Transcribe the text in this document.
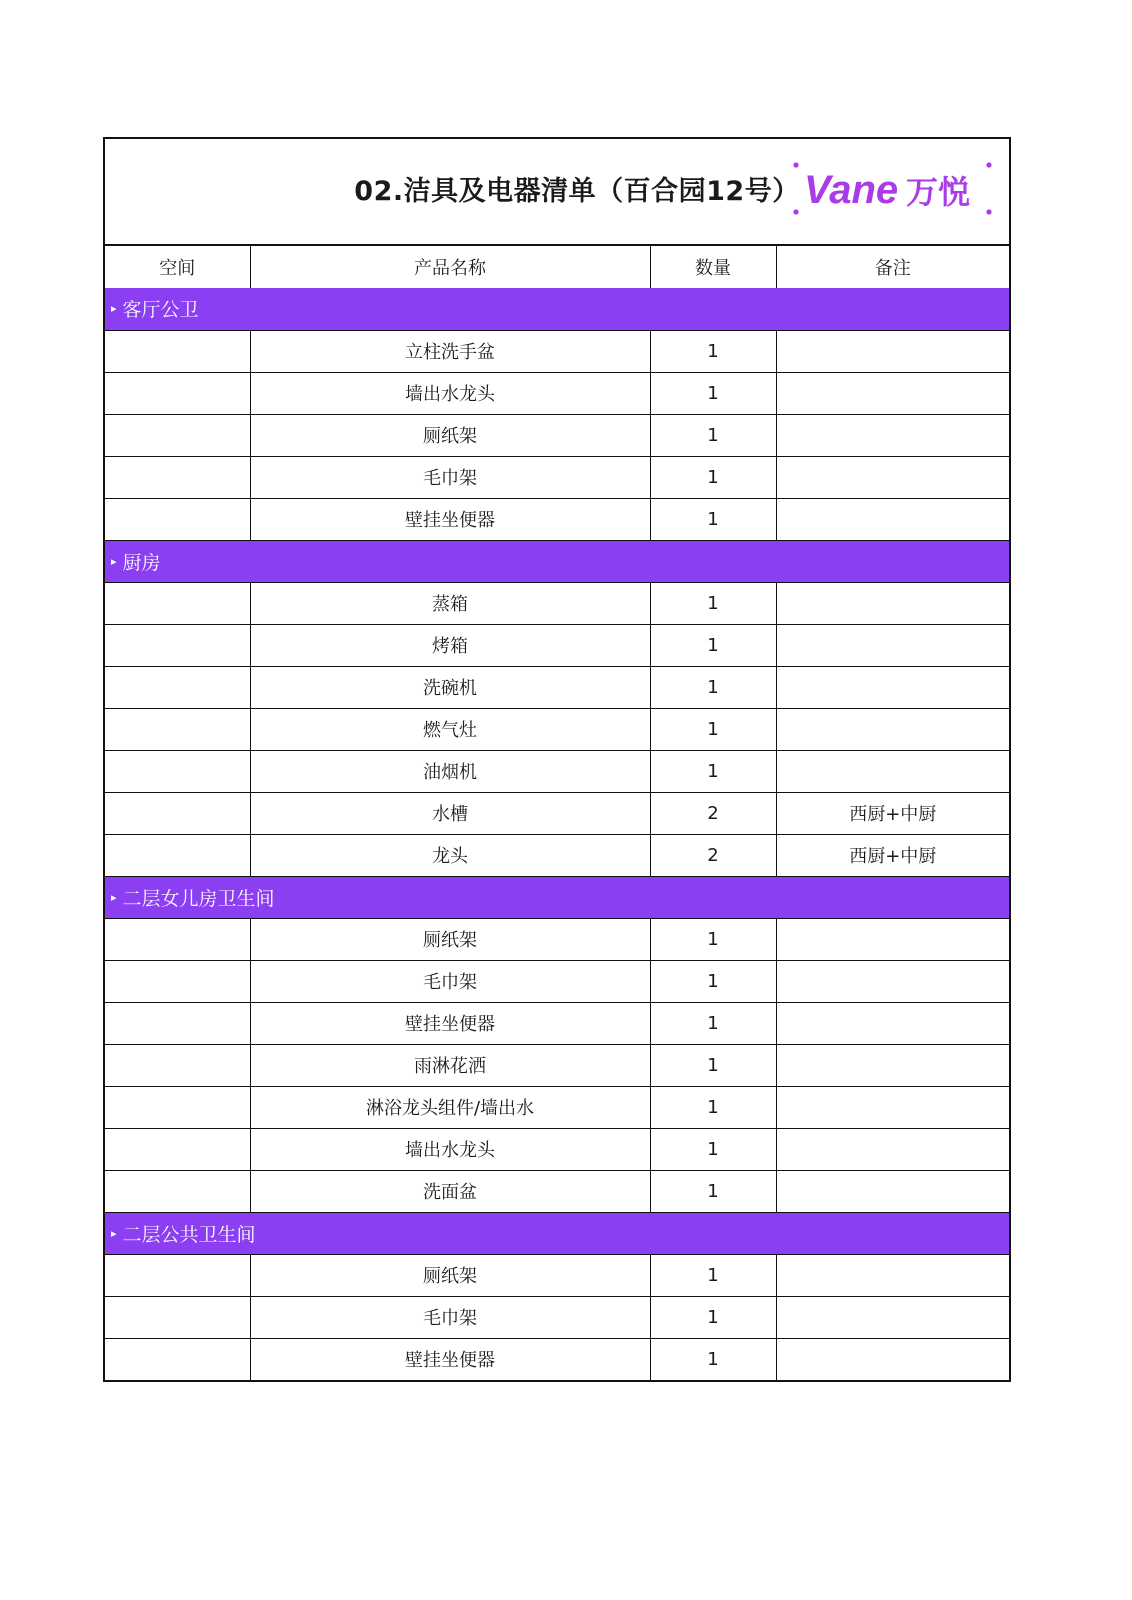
02.洁具及电器清单（百合园12号） Vane 万悦
空间	产品名称	数量	备注
▸ 客厅公卫			
	立柱洗手盆	1	
	墙出水龙头	1	
	厕纸架	1	
	毛巾架	1	
	壁挂坐便器	1	
▸ 厨房			
	蒸箱	1	
	烤箱	1	
	洗碗机	1	
	燃气灶	1	
	油烟机	1	
	水槽	2	西厨+中厨
	龙头	2	西厨+中厨
▸ 二层女儿房卫生间			
	厕纸架	1	
	毛巾架	1	
	壁挂坐便器	1	
	雨淋花洒	1	
	淋浴龙头组件/墙出水	1	
	墙出水龙头	1	
	洗面盆	1	
▸ 二层公共卫生间			
	厕纸架	1	
	毛巾架	1	
	壁挂坐便器	1	
